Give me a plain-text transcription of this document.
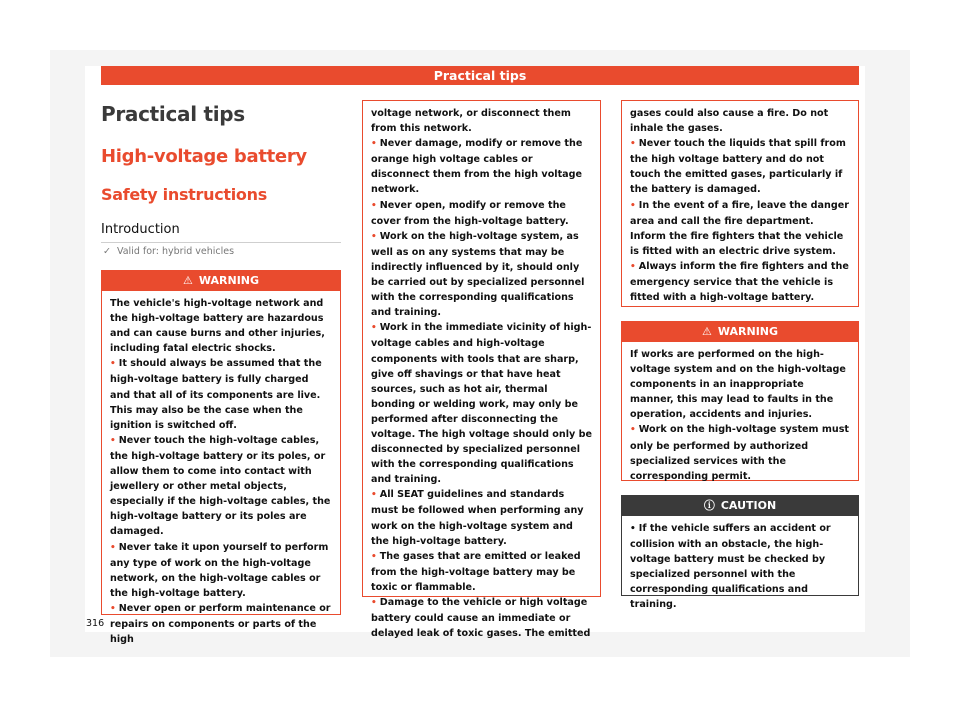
Practical tips
Practical tips
High-voltage battery
Safety instructions
Introduction
✓ Valid for: hybrid vehicles
⚠ WARNING

The vehicle's high-voltage network and the high-voltage battery are hazardous and can cause burns and other injuries, including fatal electric shocks.

• It should always be assumed that the high-voltage battery is fully charged and that all of its components are live. This may also be the case when the ignition is switched off.

• Never touch the high-voltage cables, the high-voltage battery or its poles, or allow them to come into contact with jewellery or other metal objects, especially if the high-voltage cables, the high-voltage battery or its poles are damaged.

• Never take it upon yourself to perform any type of work on the high-voltage network, on the high-voltage cables or the high-voltage battery.

• Never open or perform maintenance or repairs on components or parts of the high

voltage network, or disconnect them from this network.

• Never damage, modify or remove the orange high voltage cables or disconnect them from the high voltage network.

• Never open, modify or remove the cover from the high-voltage battery.

• Work on the high-voltage system, as well as on any systems that may be indirectly influenced by it, should only be carried out by specialized personnel with the corresponding qualifications and training.

• Work in the immediate vicinity of high-voltage cables and high-voltage components with tools that are sharp, give off shavings or that have heat sources, such as hot air, thermal bonding or welding work, may only be performed after disconnecting the voltage. The high voltage should only be disconnected by specialized personnel with the corresponding qualifications and training.

• All SEAT guidelines and standards must be followed when performing any work on the high-voltage system and the high-voltage battery.

• The gases that are emitted or leaked from the high-voltage battery may be toxic or flammable.

• Damage to the vehicle or high voltage battery could cause an immediate or delayed leak of toxic gases. The emitted

gases could also cause a fire. Do not inhale the gases.

• Never touch the liquids that spill from the high voltage battery and do not touch the emitted gases, particularly if the battery is damaged.

• In the event of a fire, leave the danger area and call the fire department. Inform the fire fighters that the vehicle is fitted with an electric drive system.

• Always inform the fire fighters and the emergency service that the vehicle is fitted with a high-voltage battery.

⚠ WARNING

If works are performed on the high-voltage system and on the high-voltage components in an inappropriate manner, this may lead to faults in the operation, accidents and injuries.

• Work on the high-voltage system must only be performed by authorized specialized services with the corresponding permit.

ⓘ CAUTION

• If the vehicle suffers an accident or collision with an obstacle, the high-voltage battery must be checked by specialized personnel with the corresponding qualifications and training.

316
